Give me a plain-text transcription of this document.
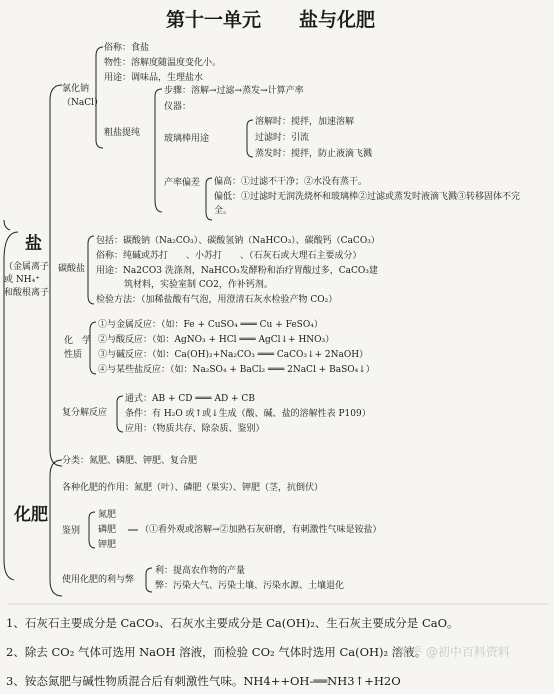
第十一单元 盐与化肥
盐
（金属离子
或 NH₄⁺
和酸根离子
氯化钠
（NaCl）
俗称：食盐
物性：溶解度随温度变化小。
用途：调味品，生理盐水
粗盐提纯
步骤：溶解→过滤→蒸发→计算产率
仪器：
玻璃棒用途
溶解时：搅拌，加速溶解
过滤时：引流
蒸发时：搅拌，防止液滴飞溅
产率偏差 偏高：①过滤不干净；②水没有蒸干。
偏低：①过滤时无润洗烧杯和玻璃棒②过滤或蒸发时液滴飞溅③转移固体不完
全。
碳酸盐
包括：碳酸钠（Na₂CO₃）、碳酸氢钠（NaHCO₃）、碳酸钙（CaCO₃）
俗称：纯碱或苏打　　、小苏打　　、（石灰石或大理石主要成分）
用途：Na2CO3 洗涤剂，NaHCO₃发酵粉和治疗胃酸过多，CaCO₃建
筑材料，实验室制 CO2，作补钙剂。
检验方法：（加稀盐酸有气泡，用澄清石灰水检验产物 CO₂）
化　学
性质
①与金属反应：（如：Fe + CuSO₄ ═══ Cu + FeSO₄）
②与酸反应：（如：AgNO₃ + HCl ═══ AgCl↓+ HNO₃）
③与碱反应：（如：Ca(OH)₂+Na₂CO₃ ═══ CaCO₃↓+ 2NaOH）
④与某些盐反应：（如：Na₂SO₄ + BaCl₂ ═══ 2NaCl + BaSO₄↓）
复分解反应
通式：AB + CD ═══ AD + CB
条件：有 H₂O 或↑或↓生成（酸、碱、盐的溶解性表 P109）
应用：（物质共存、除杂质、鉴别）
化肥
分类：氮肥、磷肥、钾肥、复合肥
各种化肥的作用：氮肥（叶）、磷肥（果实）、钾肥（茎，抗倒伏）
鉴别
氮肥
磷肥
钾肥
（①看外观或溶解→②加熟石灰研磨，有刺激性气味是铵盐）
使用化肥的利与弊
利：提高农作物的产量
弊：污染大气、污染土壤、污染水源、土壤退化
1、石灰石主要成分是 CaCO₃、石灰水主要成分是 Ca(OH)₂、生石灰主要成分是 CaO。
2、除去 CO₂ 气体可选用 NaOH 溶液，而检验 CO₂ 气体时选用 Ca(OH)₂ 溶液。
3、铵态氮肥与碱性物质混合后有刺激性气味。NH4++OH-══NH3↑+H2O
知乎 @初中百科资料
